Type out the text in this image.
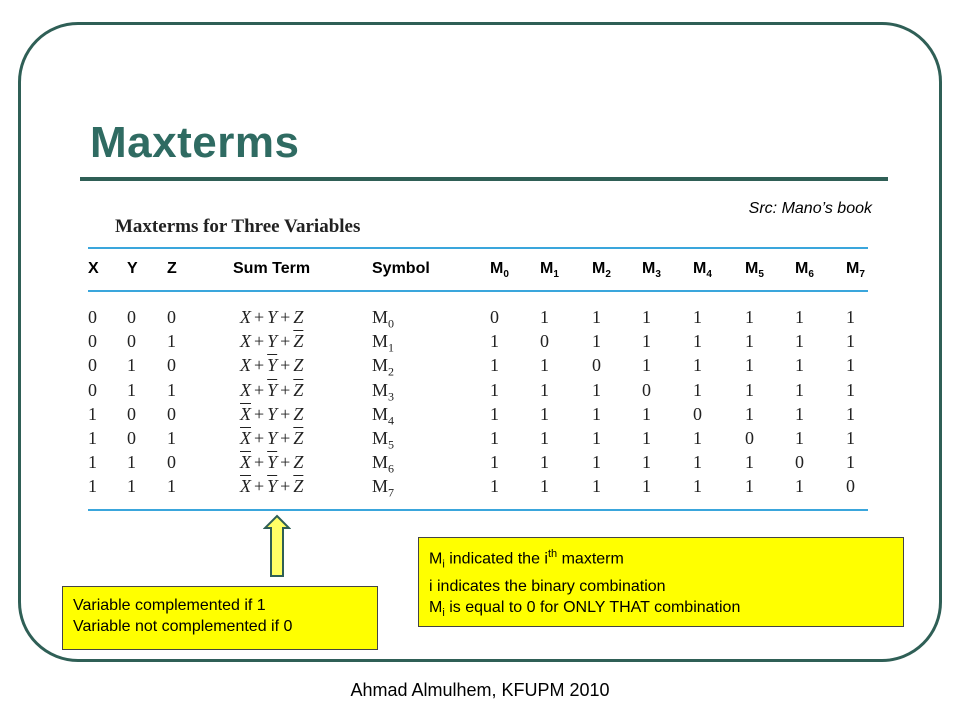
Maxterms
Src: Mano’s book
Maxterms for Three Variables
X Y Z	Sum Term	Symbol	$M_0$ $M_1$ $M_2$ $M_3$ $M_4$ $M_5$ $M_6$ $M_7$
0 0 0	X + Y + Z	$M_0$	0 1 1 1 1 1 1 1
0 0 1	$X + Y + \overline{Z}$	$M_1$	1 0 1 1 1 1 1 1
0 1 0	$X + \overline{Y} + Z$	$M_2$	1 1 0 1 1 1 1 1
0 1 1	$X + \overline{Y} + \overline{Z}$	$M_3$	1 1 1 0 1 1 1 1
1 0 0	$\overline{X} + Y + Z$	$M_4$	1 1 1 1 0 1 1 1
1 0 1	$\overline{X} + Y + \overline{Z}$	$M_5$	1 1 1 1 1 0 1 1
1 1 0	$\overline{X} + \overline{Y} + Z$	$M_6$	1 1 1 1 1 1 0 1
1 1 1	$\overline{X} + \overline{Y} + \overline{Z}$	$M_7$	1 1 1 1 1 1 1 0
Variable complemented if 1
Variable not complemented if 0
$M_i$ indicated the $i^{th}$ maxterm
i indicates the binary combination
$M_i$ is equal to 0 for ONLY THAT combination
Ahmad Almulhem, KFUPM 2010
